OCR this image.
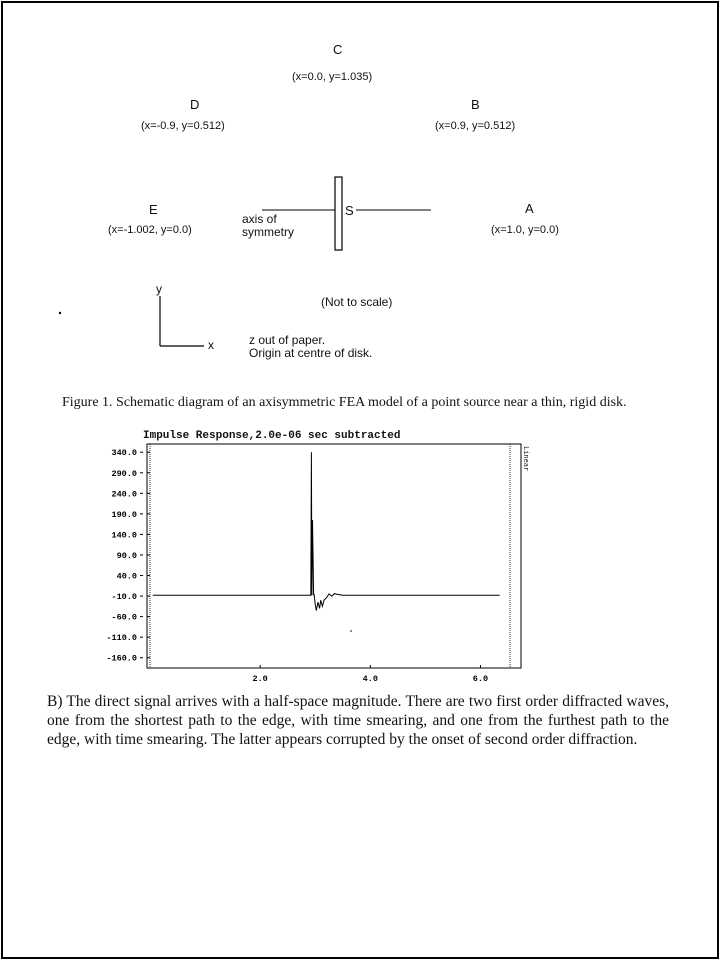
C
(x=0.0, y=1.035)
D
(x=-0.9, y=0.512)
B
(x=0.9, y=0.512)
E
(x=-1.002, y=0.0)
A
(x=1.0, y=0.0)
S
axis of
symmetry
y
x
(Not to scale)
z out of paper.
Origin at centre of disk.
Figure 1. Schematic diagram of an axisymmetric FEA model of a point source near a thin, rigid disk.
Impulse Response,2.0e-06 sec subtracted
Linear
340.0
290.0
240.0
190.0
140.0
90.0
40.0
-10.0
-60.0
-110.0
-160.0
2.0	4.0	6.0
B) The direct signal arrives with a half-space magnitude. There are two first order diffracted waves, one from the shortest path to the edge, with time smearing, and one from the furthest path to the edge, with time smearing. The latter appears corrupted by the onset of second order diffraction.
